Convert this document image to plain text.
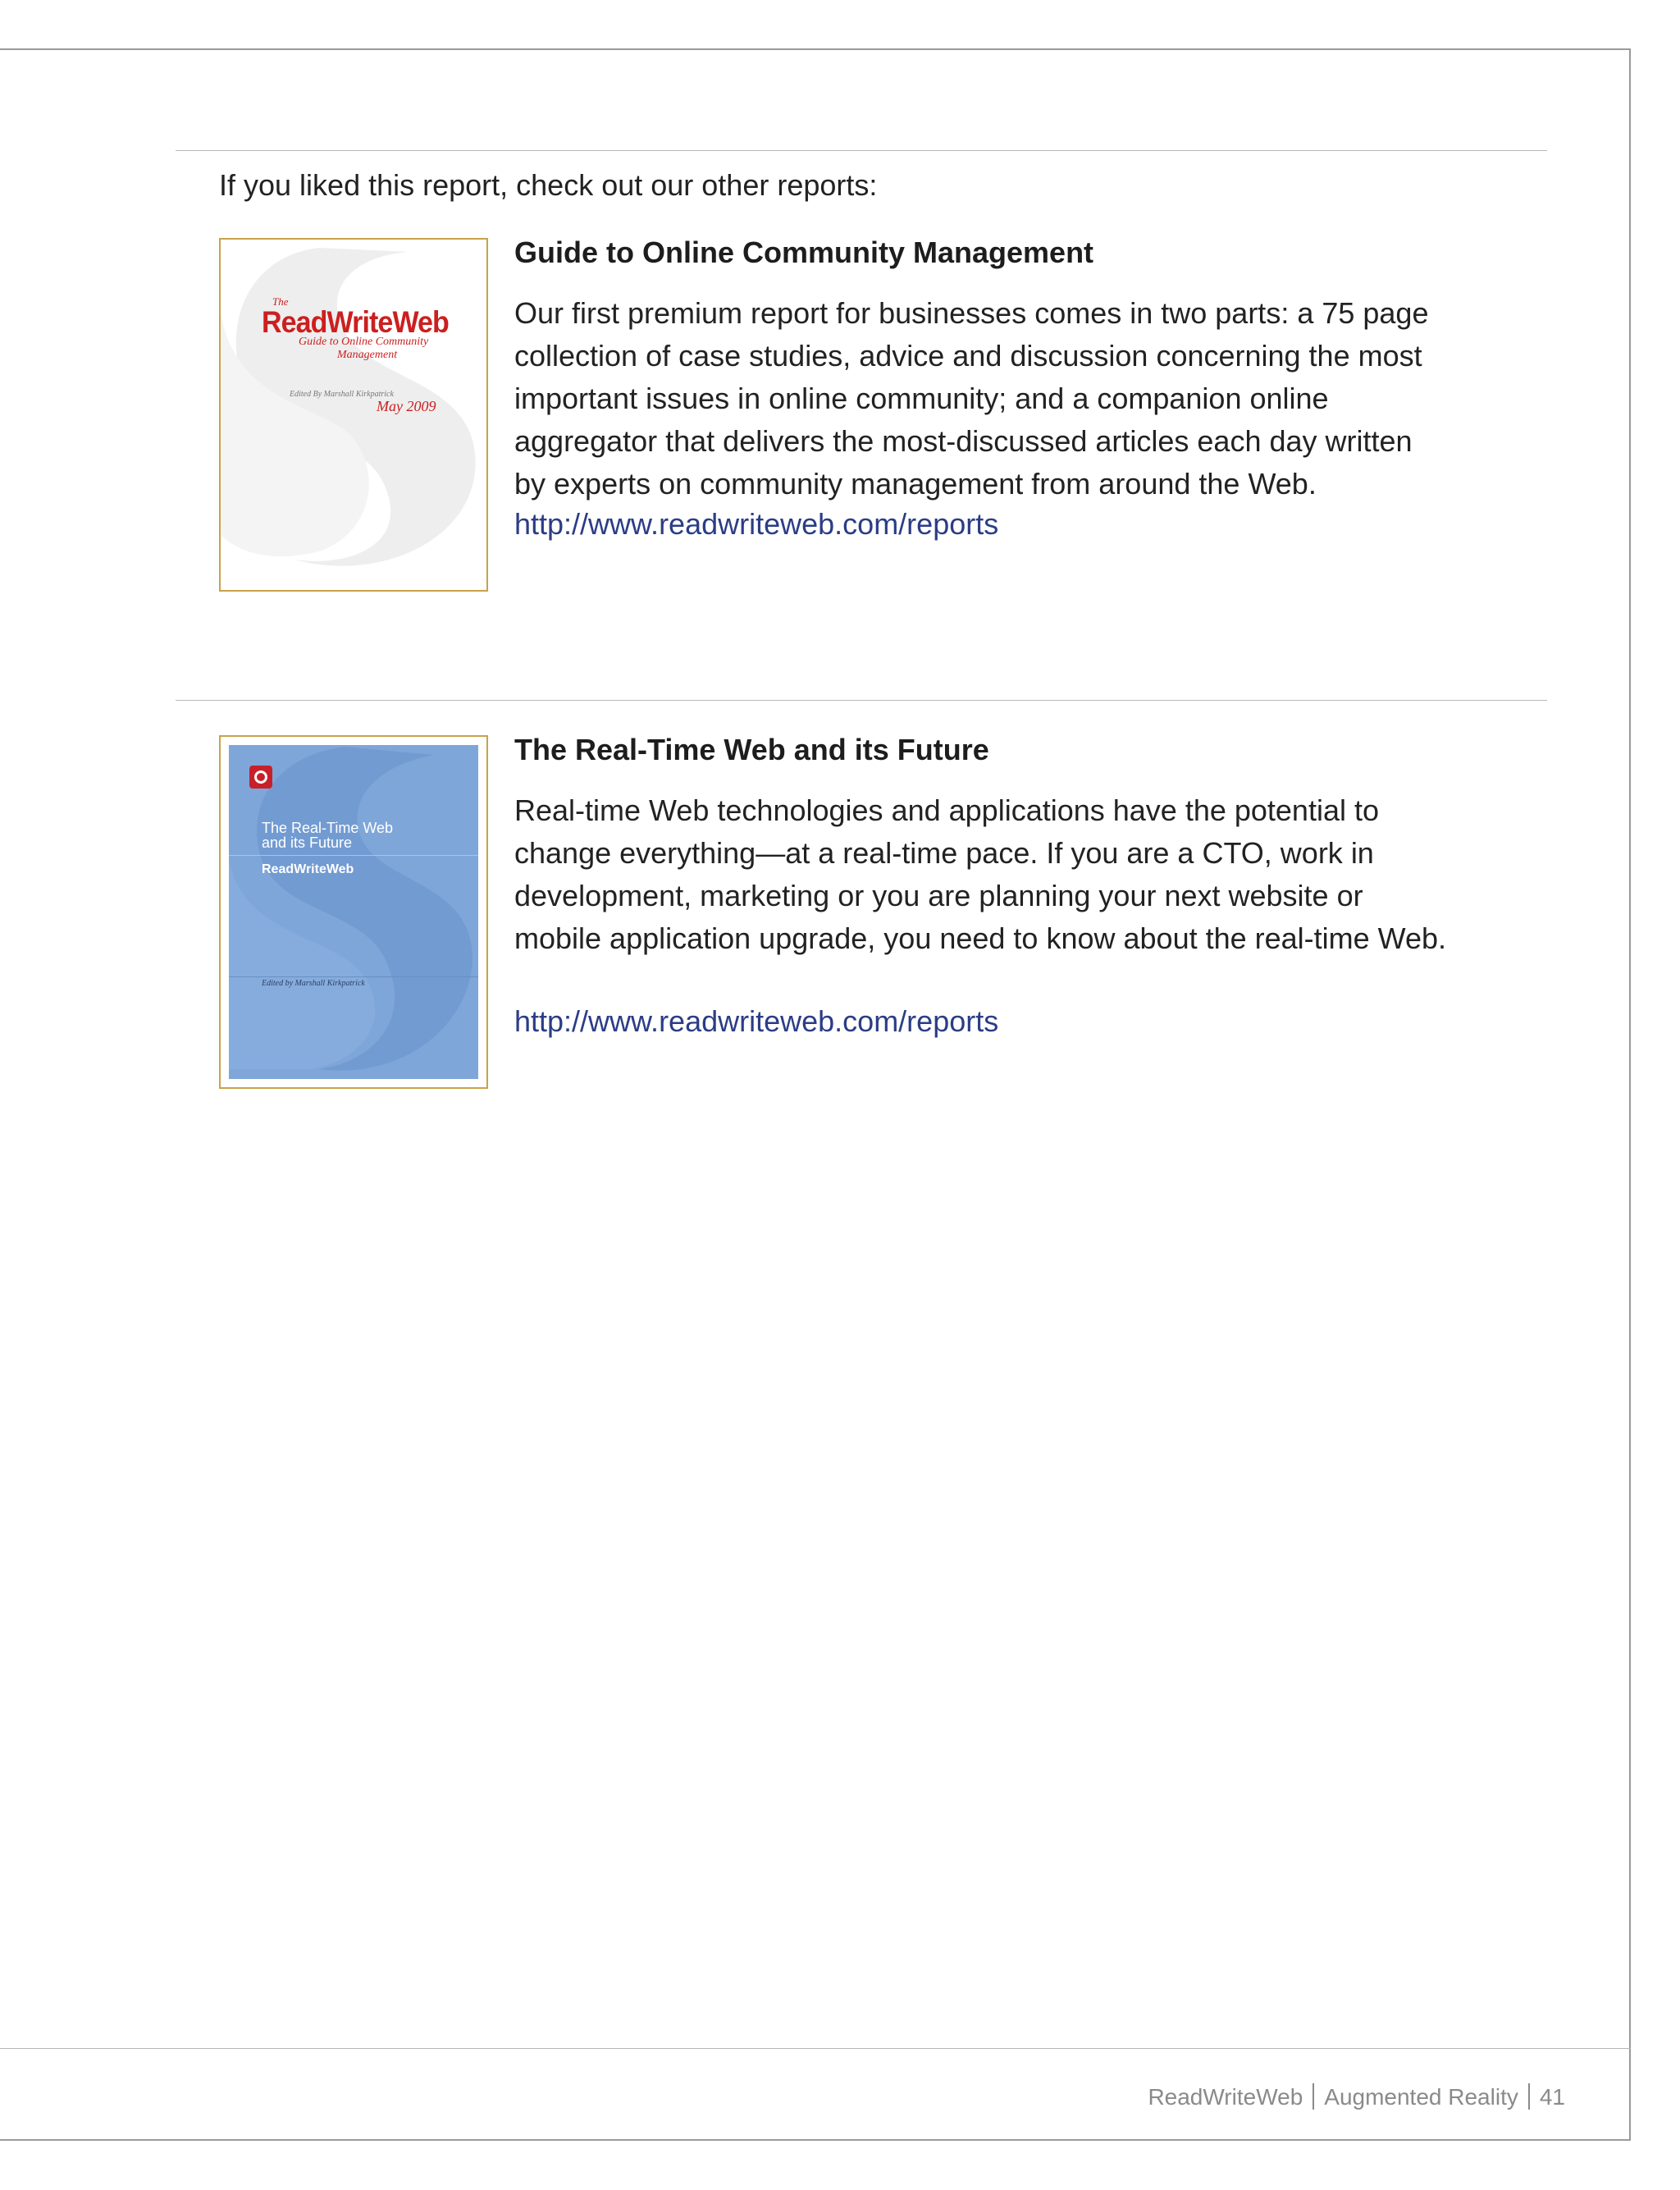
If you liked this report, check out our other reports:
The
ReadWriteWeb
Guide to Online Community
Management
Edited By Marshall Kirkpatrick
May 2009
Guide to Online Community Management
Our first premium report for businesses comes in two parts: a 75 page collection of case studies, advice and discussion concerning the most important issues in online community; and a companion online aggregator that delivers the most-discussed articles each day written by experts on community management from around the Web.
http://www.readwriteweb.com/reports
The Real-Time Web
and its Future
ReadWriteWeb
Edited by Marshall Kirkpatrick
The Real-Time Web and its Future
Real-time Web technologies and applications have the potential to change everything—at a real-time pace. If you are a CTO, work in development, marketing or you are planning your next website or mobile application upgrade, you need to know about the real-time Web.
http://www.readwriteweb.com/reports
ReadWriteWeb Augmented Reality 41
